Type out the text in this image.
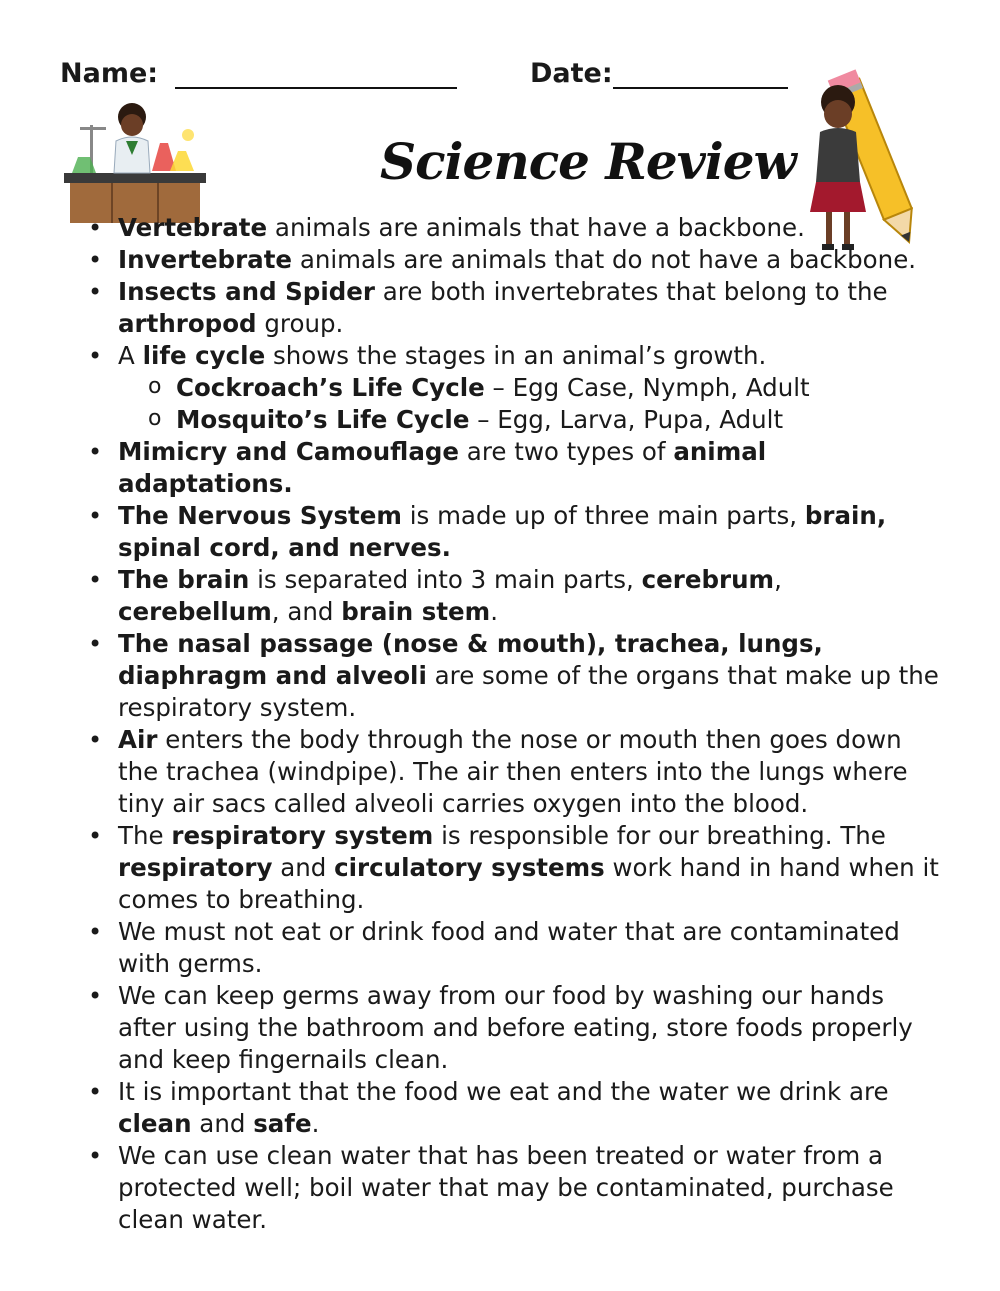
Name:	Date:
Science Review
• Vertebrate animals are animals that have a backbone.
• Invertebrate animals are animals that do not have a backbone.
• Insects and Spider are both invertebrates that belong to the arthropod group.
• A life cycle shows the stages in an animal’s growth.
o Cockroach’s Life Cycle – Egg Case, Nymph, Adult
o Mosquito’s Life Cycle – Egg, Larva, Pupa, Adult
• Mimicry and Camouflage are two types of animal adaptations.
• The Nervous System is made up of three main parts, brain, spinal cord, and nerves.
• The brain is separated into 3 main parts, cerebrum, cerebellum, and brain stem.
• The nasal passage (nose & mouth), trachea, lungs, diaphragm and alveoli are some of the organs that make up the respiratory system.
• Air enters the body through the nose or mouth then goes down the trachea (windpipe). The air then enters into the lungs where tiny air sacs called alveoli carries oxygen into the blood.
• The respiratory system is responsible for our breathing. The respiratory and circulatory systems work hand in hand when it comes to breathing.
• We must not eat or drink food and water that are contaminated with germs.
• We can keep germs away from our food by washing our hands after using the bathroom and before eating, store foods properly and keep fingernails clean.
• It is important that the food we eat and the water we drink are clean and safe.
• We can use clean water that has been treated or water from a protected well; boil water that may be contaminated, purchase clean water.
